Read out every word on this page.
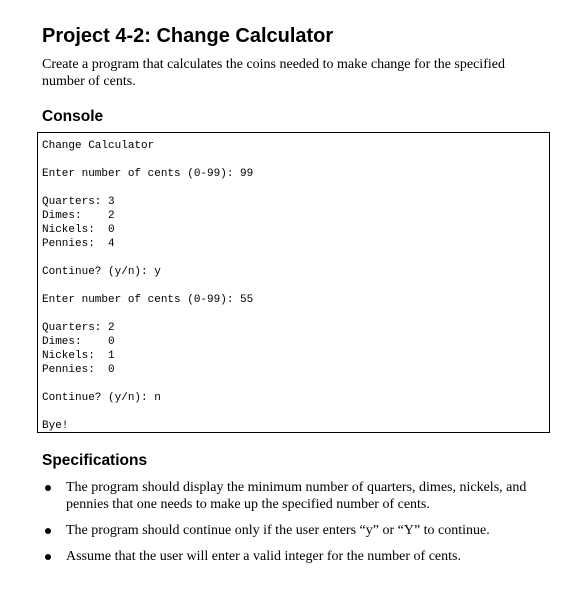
Project 4-2: Change Calculator

Create a program that calculates the coins needed to make change for the specified number of cents.

Console
Change Calculator

Enter number of cents (0-99): 99

Quarters: 3
Dimes:    2
Nickels:  0
Pennies:  4

Continue? (y/n): y

Enter number of cents (0-99): 55

Quarters: 2
Dimes:    0
Nickels:  1
Pennies:  0

Continue? (y/n): n

Bye!
Specifications
The program should display the minimum number of quarters, dimes, nickels, and pennies that one needs to make up the specified number of cents.
The program should continue only if the user enters “y” or “Y” to continue.
Assume that the user will enter a valid integer for the number of cents.
